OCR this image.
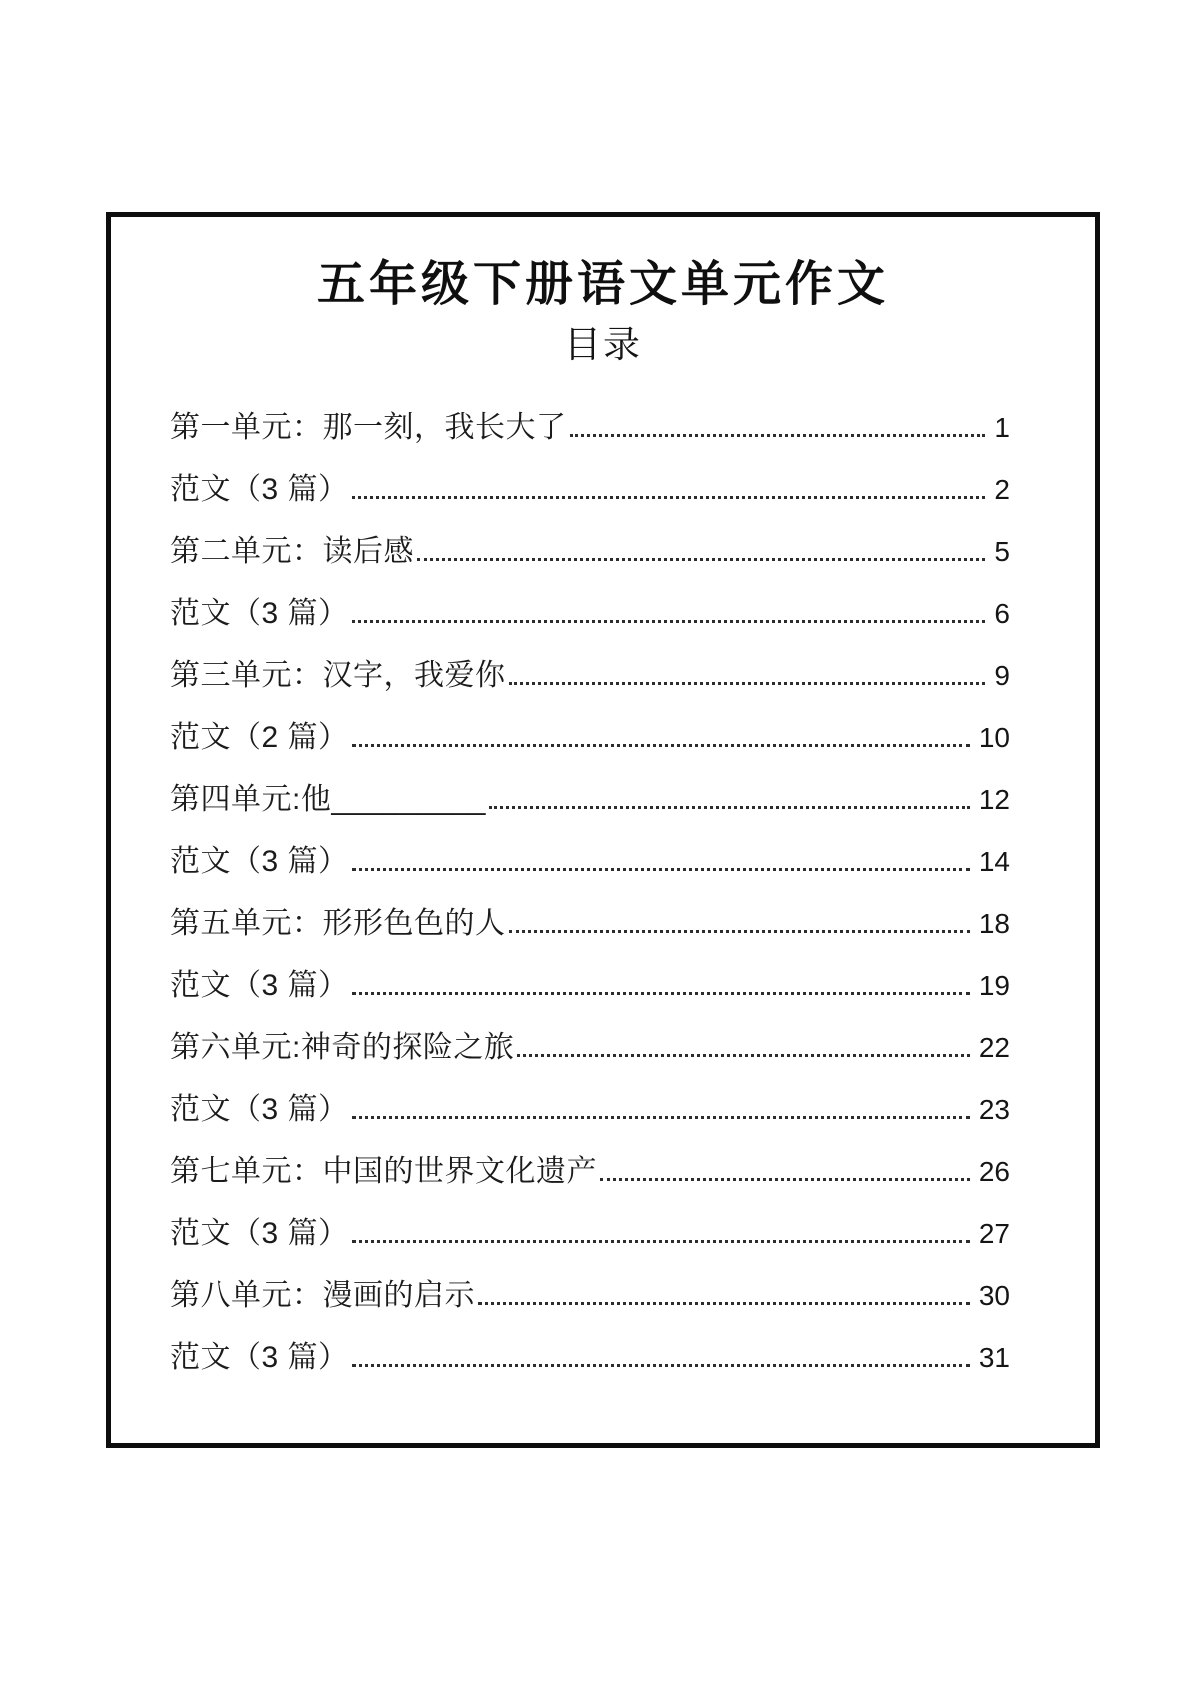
五年级下册语文单元作文
目录
第一单元：那一刻，我长大了	1
范文（3 篇）	2
第二单元：读后感	5
范文（3 篇）	6
第三单元：汉字，我爱你	9
范文（2 篇）	10
第四单元:他_________	12
范文（3 篇）	14
第五单元：形形色色的人	18
范文（3 篇）	19
第六单元:神奇的探险之旅	22
范文（3 篇）	23
第七单元：中国的世界文化遗产	26
范文（3 篇）	27
第八单元：漫画的启示	30
范文（3 篇）	31
